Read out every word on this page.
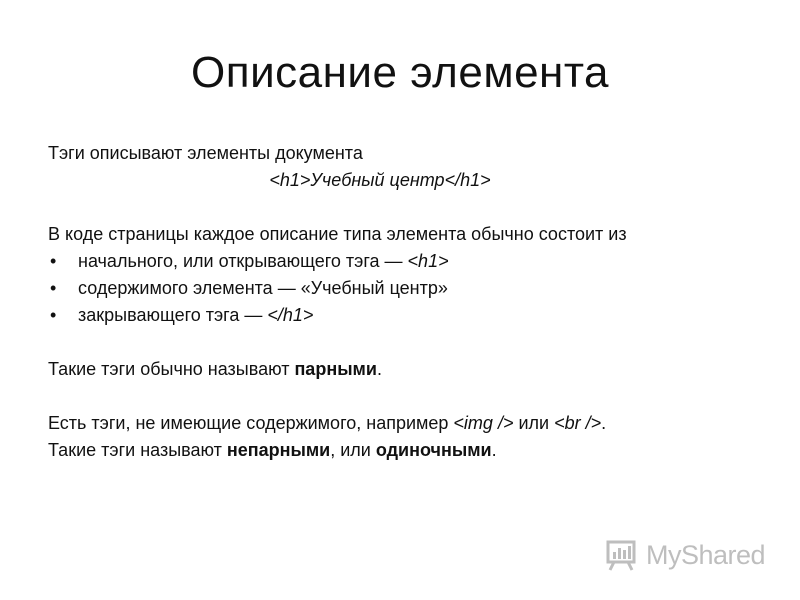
Описание элемента
Тэги описывают элементы документа
<h1>Учебный центр</h1>
В коде страницы каждое описание типа элемента обычно состоит из
• начального, или открывающего тэга — <h1>
• содержимого элемента — «Учебный центр»
• закрывающего тэга — </h1>
Такие тэги обычно называют парными.
Есть тэги, не имеющие содержимого, например <img /> или <br />.
Такие тэги называют непарными, или одиночными.
MyShared
